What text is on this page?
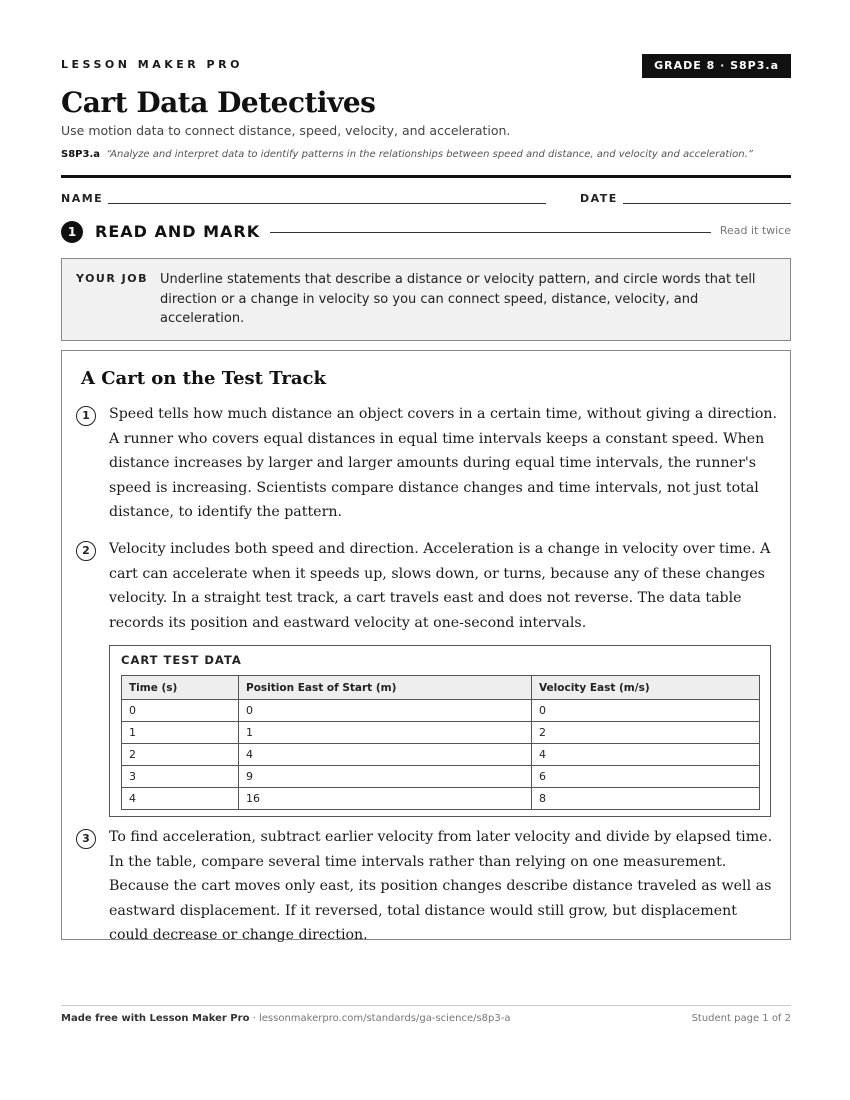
LESSON MAKER PRO	GRADE 8 · S8P3.a
Cart Data Detectives
Use motion data to connect distance, speed, velocity, and acceleration.
S8P3.a “Analyze and interpret data to identify patterns in the relationships between speed and distance, and velocity and acceleration.”
NAME	DATE
1	READ AND MARK	Read it twice
YOUR JOB Underline statements that describe a distance or velocity pattern, and circle words that tell direction or a change in velocity so you can connect speed, distance, velocity, and acceleration.
A Cart on the Test Track
1	Speed tells how much distance an object covers in a certain time, without giving a direction. A runner who covers equal distances in equal time intervals keeps a constant speed. When distance increases by larger and larger amounts during equal time intervals, the runner's speed is increasing. Scientists compare distance changes and time intervals, not just total distance, to identify the pattern.
2	Velocity includes both speed and direction. Acceleration is a change in velocity over time. A cart can accelerate when it speeds up, slows down, or turns, because any of these changes velocity. In a straight test track, a cart travels east and does not reverse. The data table records its position and eastward velocity at one-second intervals.
CART TEST DATA
Time (s)	Position East of Start (m)	Velocity East (m/s)
0	0	0
1	1	2
2	4	4
3	9	6
4	16	8
3	To find acceleration, subtract earlier velocity from later velocity and divide by elapsed time. In the table, compare several time intervals rather than relying on one measurement. Because the cart moves only east, its position changes describe distance traveled as well as eastward displacement. If it reversed, total distance would still grow, but displacement could decrease or change direction.
Made free with Lesson Maker Pro · lessonmakerpro.com/standards/ga-science/s8p3-a	Student page 1 of 2
